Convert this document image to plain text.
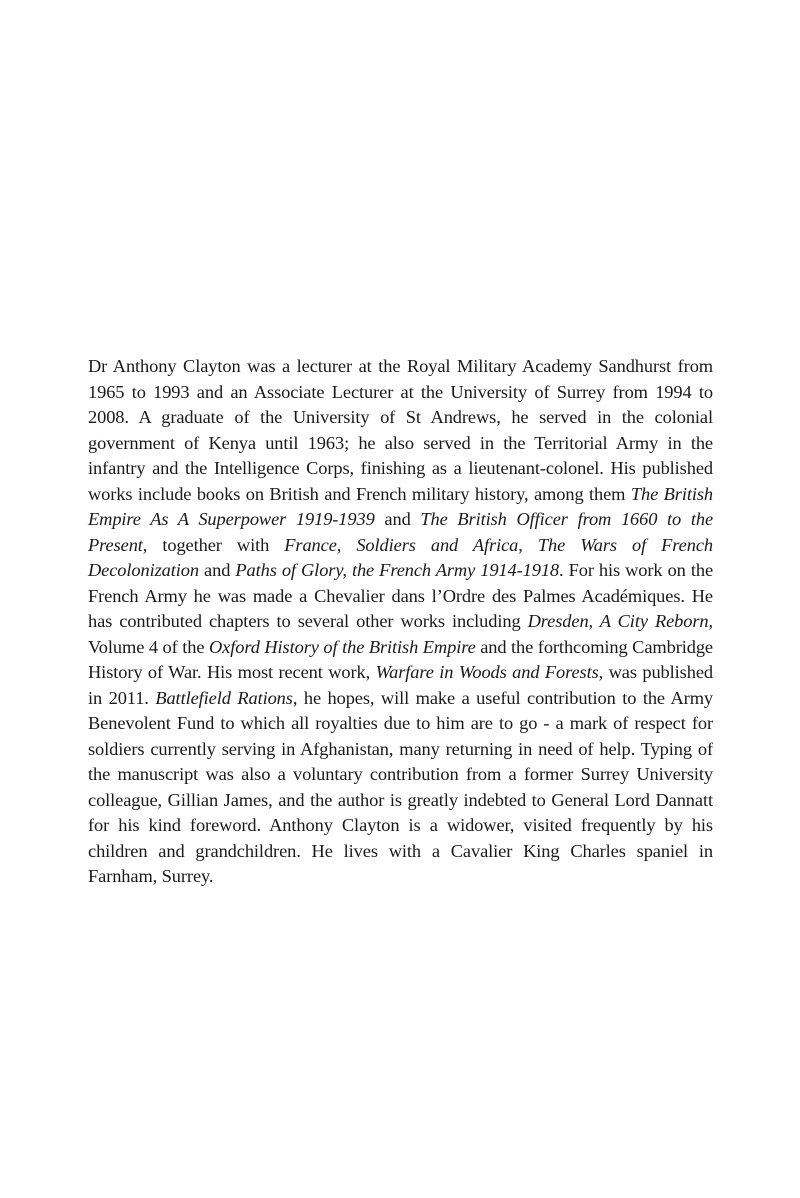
Dr Anthony Clayton was a lecturer at the Royal Military Academy Sandhurst from 1965 to 1993 and an Associate Lecturer at the University of Surrey from 1994 to 2008. A graduate of the University of St Andrews, he served in the colonial government of Kenya until 1963; he also served in the Territorial Army in the infantry and the Intelligence Corps, finishing as a lieutenant-colonel. His published works include books on British and French military history, among them The British Empire As A Superpower 1919-1939 and The British Officer from 1660 to the Present, together with France, Soldiers and Africa, The Wars of French Decolonization and Paths of Glory, the French Army 1914-1918. For his work on the French Army he was made a Chevalier dans l’Ordre des Palmes Académiques. He has contributed chapters to several other works including Dresden, A City Reborn, Volume 4 of the Oxford History of the British Empire and the forthcoming Cambridge History of War. His most recent work, Warfare in Woods and Forests, was published in 2011. Battlefield Rations, he hopes, will make a useful contribution to the Army Benevolent Fund to which all royalties due to him are to go - a mark of respect for soldiers currently serving in Afghanistan, many returning in need of help. Typing of the manuscript was also a voluntary contribution from a former Surrey University colleague, Gillian James, and the author is greatly indebted to General Lord Dannatt for his kind foreword. Anthony Clayton is a widower, visited frequently by his children and grandchildren. He lives with a Cavalier King Charles spaniel in Farnham, Surrey.
